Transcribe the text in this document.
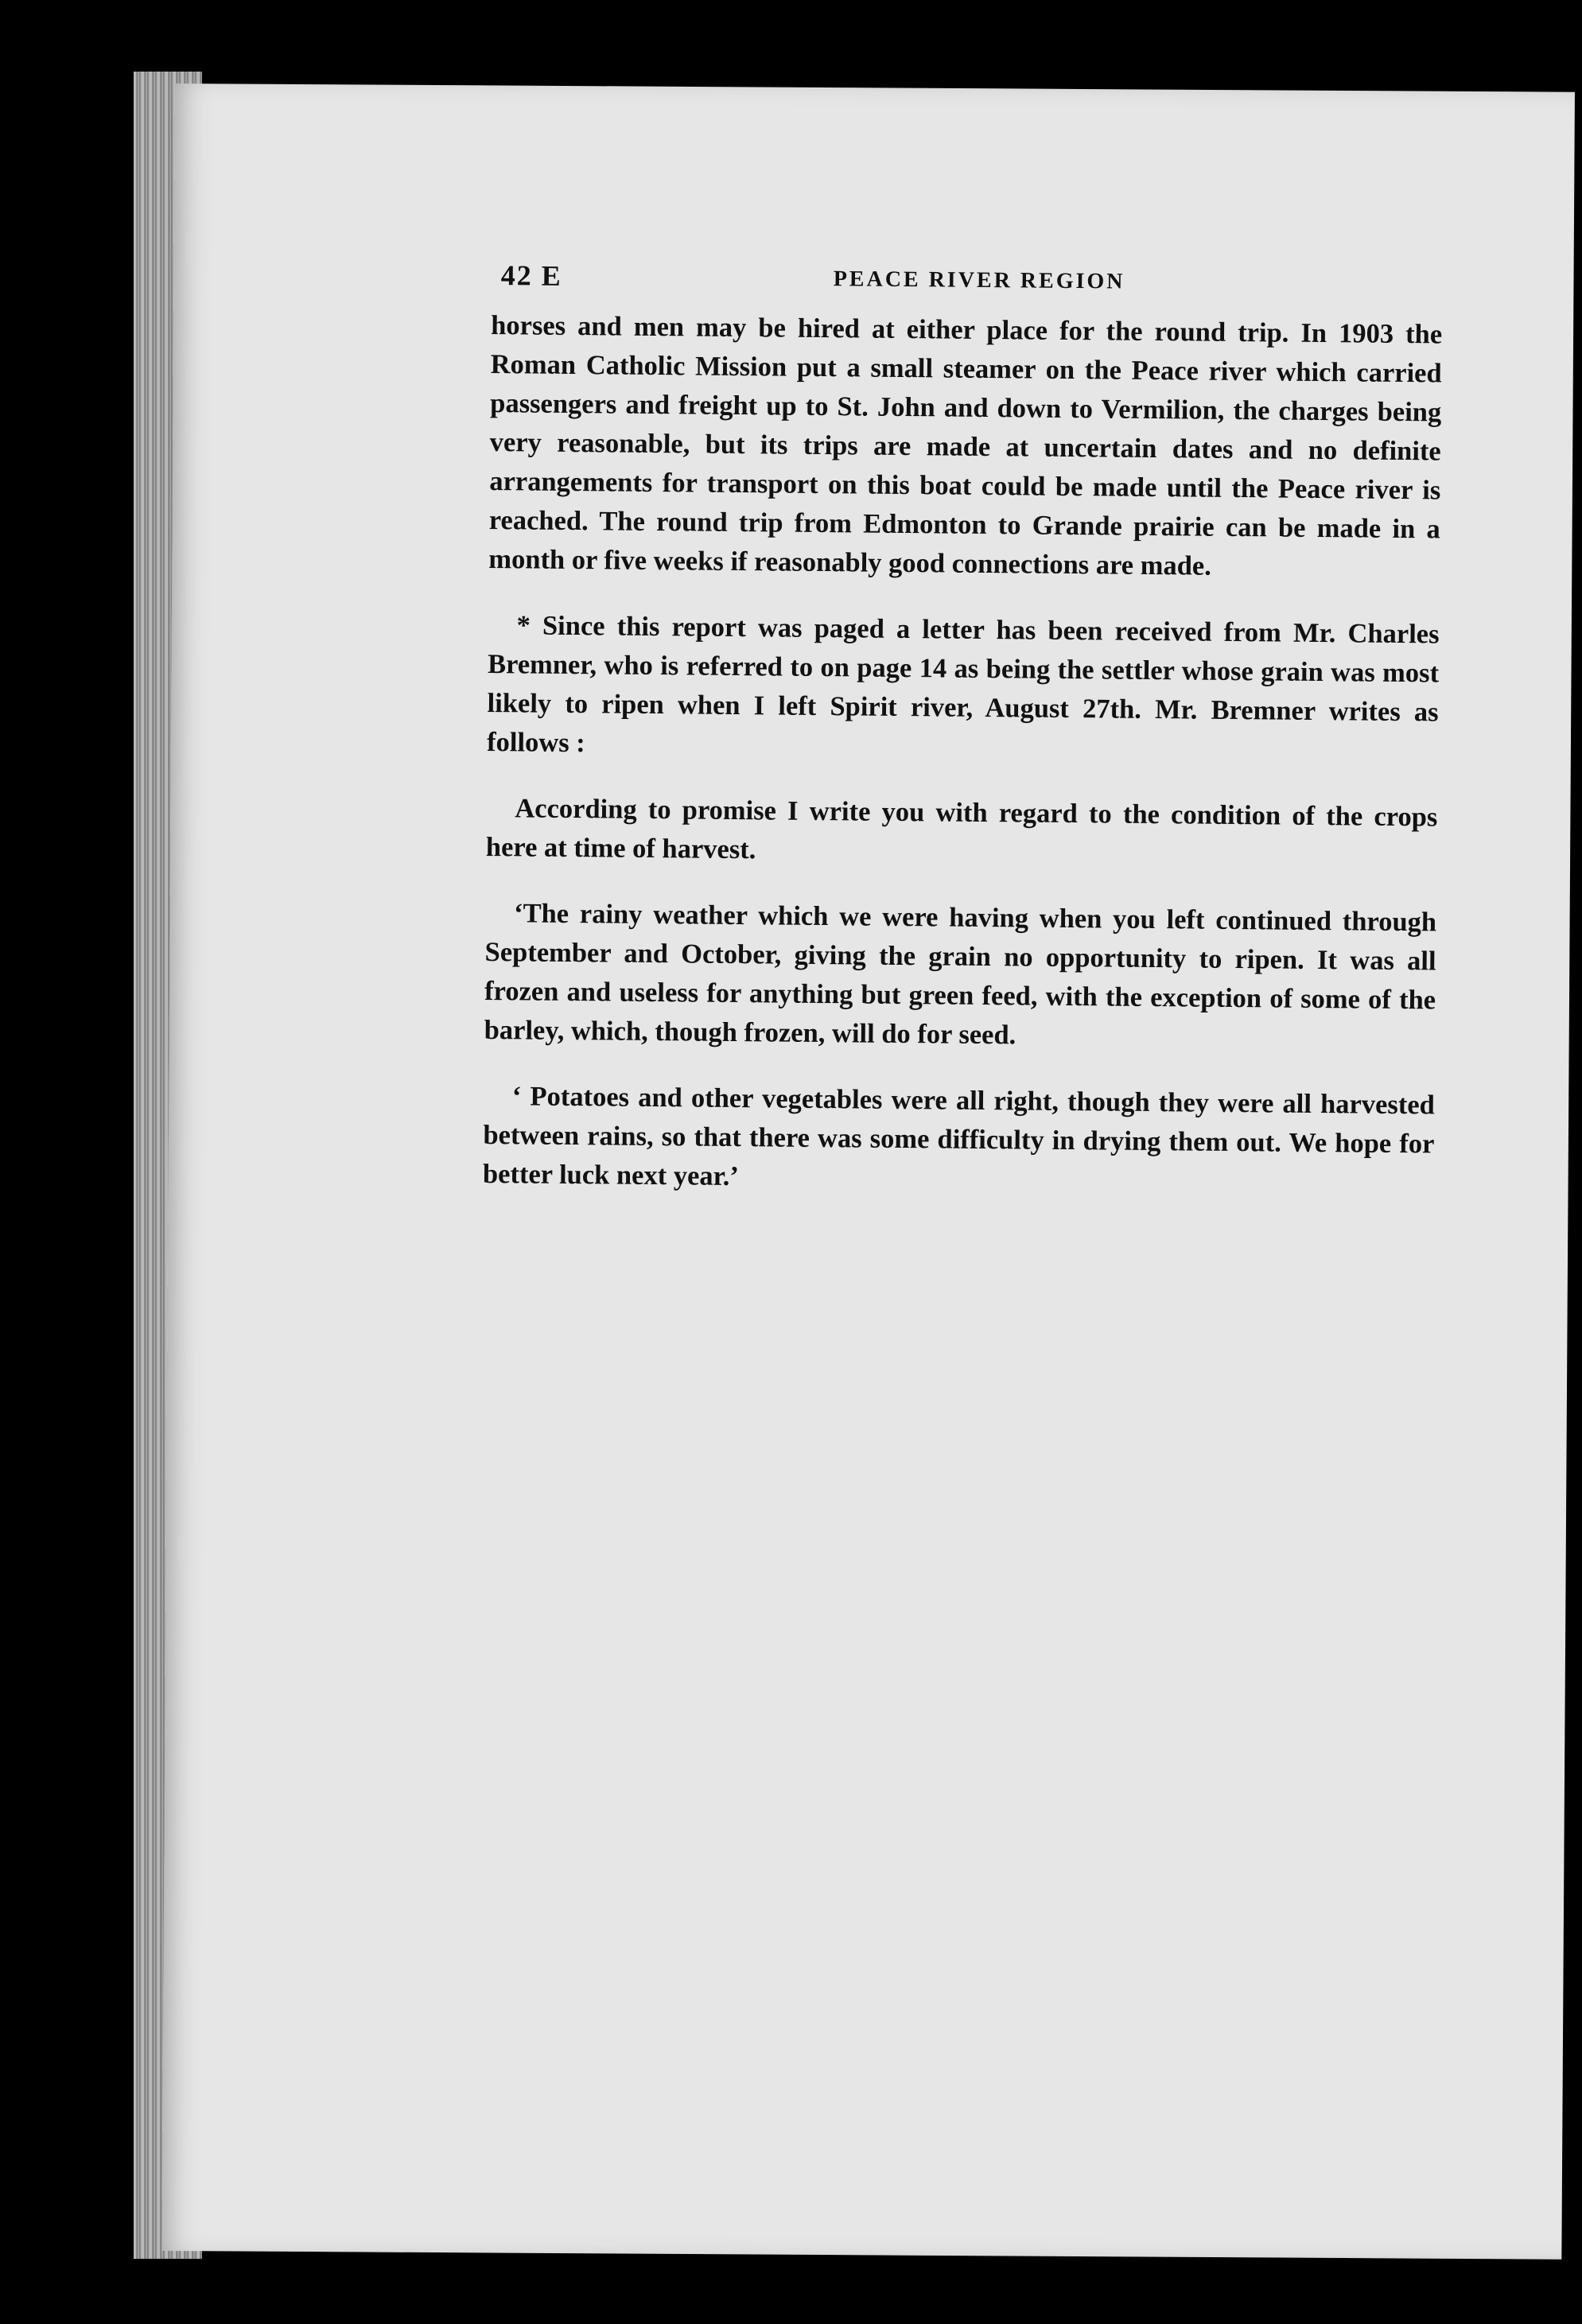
42 E	PEACE RIVER REGION

horses and men may be hired at either place for the round trip. In 1903 the Roman Catholic Mission put a small steamer on the Peace river which carried passengers and freight up to St. John and down to Vermilion, the charges being very reasonable, but its trips are made at uncertain dates and no definite arrangements for transport on this boat could be made until the Peace river is reached. The round trip from Edmonton to Grande prairie can be made in a month or five weeks if reasonably good connections are made.

* Since this report was paged a letter has been received from Mr. Charles Bremner, who is referred to on page 14 as being the settler whose grain was most likely to ripen when I left Spirit river, August 27th. Mr. Bremner writes as follows :

According to promise I write you with regard to the condition of the crops here at time of harvest.

‘The rainy weather which we were having when you left continued through September and October, giving the grain no opportunity to ripen. It was all frozen and useless for anything but green feed, with the exception of some of the barley, which, though frozen, will do for seed.

‘ Potatoes and other vegetables were all right, though they were all harvested between rains, so that there was some difficulty in drying them out. We hope for better luck next year.’
